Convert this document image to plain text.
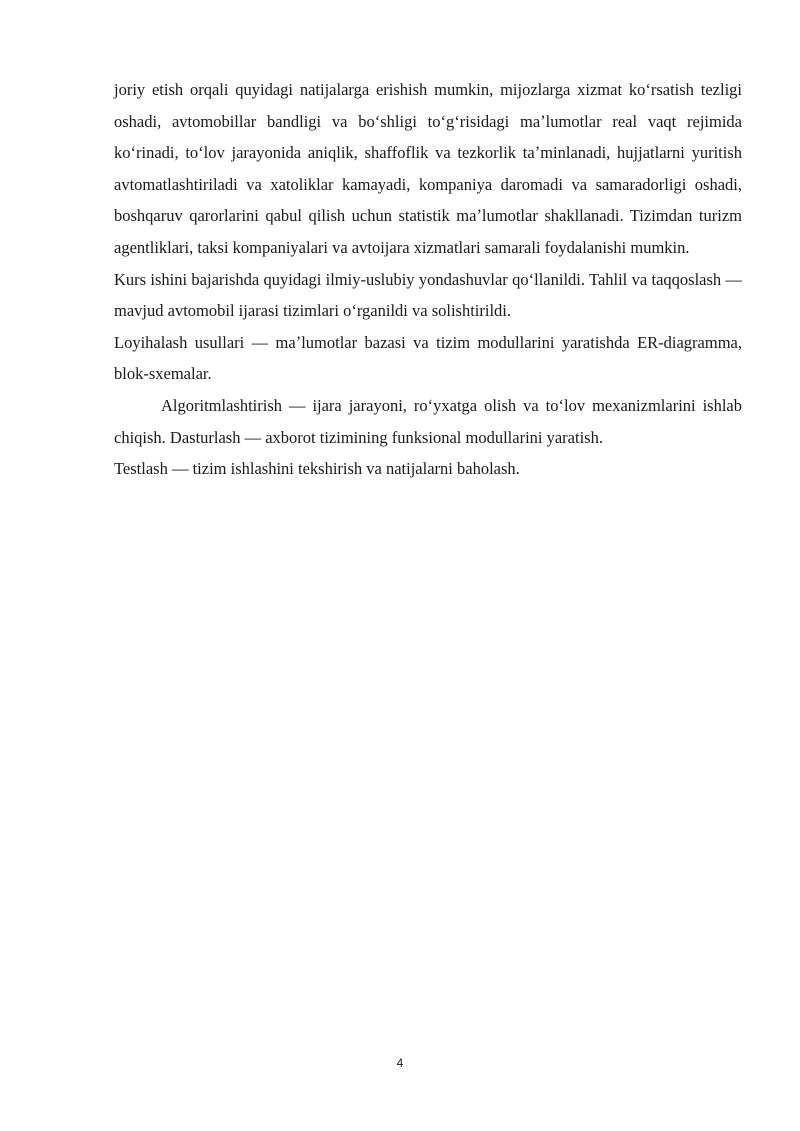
joriy etish orqali quyidagi natijalarga erishish mumkin, mijozlarga xizmat koʻrsatish tezligi oshadi, avtomobillar bandligi va boʻshligi toʻgʻrisidagi maʼlumotlar real vaqt rejimida koʻrinadi, toʻlov jarayonida aniqlik, shaffoflik va tezkorlik taʼminlanadi, hujjatlarni yuritish avtomatlashtiriladi va xatoliklar kamayadi, kompaniya daromadi va samaradorligi oshadi, boshqaruv qarorlarini qabul qilish uchun statistik maʼlumotlar shakllanadi. Tizimdan turizm agentliklari, taksi kompaniyalari va avtoijara xizmatlari samarali foydalanishi mumkin.

Kurs ishini bajarishda quyidagi ilmiy-uslubiy yondashuvlar qoʻllanildi. Tahlil va taqqoslash — mavjud avtomobil ijarasi tizimlari oʻrganildi va solishtirildi.

Loyihalash usullari — maʼlumotlar bazasi va tizim modullarini yaratishda ER-diagramma, blok-sxemalar.

Algoritmlashtirish — ijara jarayoni, roʻyxatga olish va toʻlov mexanizmlarini ishlab chiqish. Dasturlash — axborot tizimining funksional modullarini yaratish.

Testlash — tizim ishlashini tekshirish va natijalarni baholash.

4
